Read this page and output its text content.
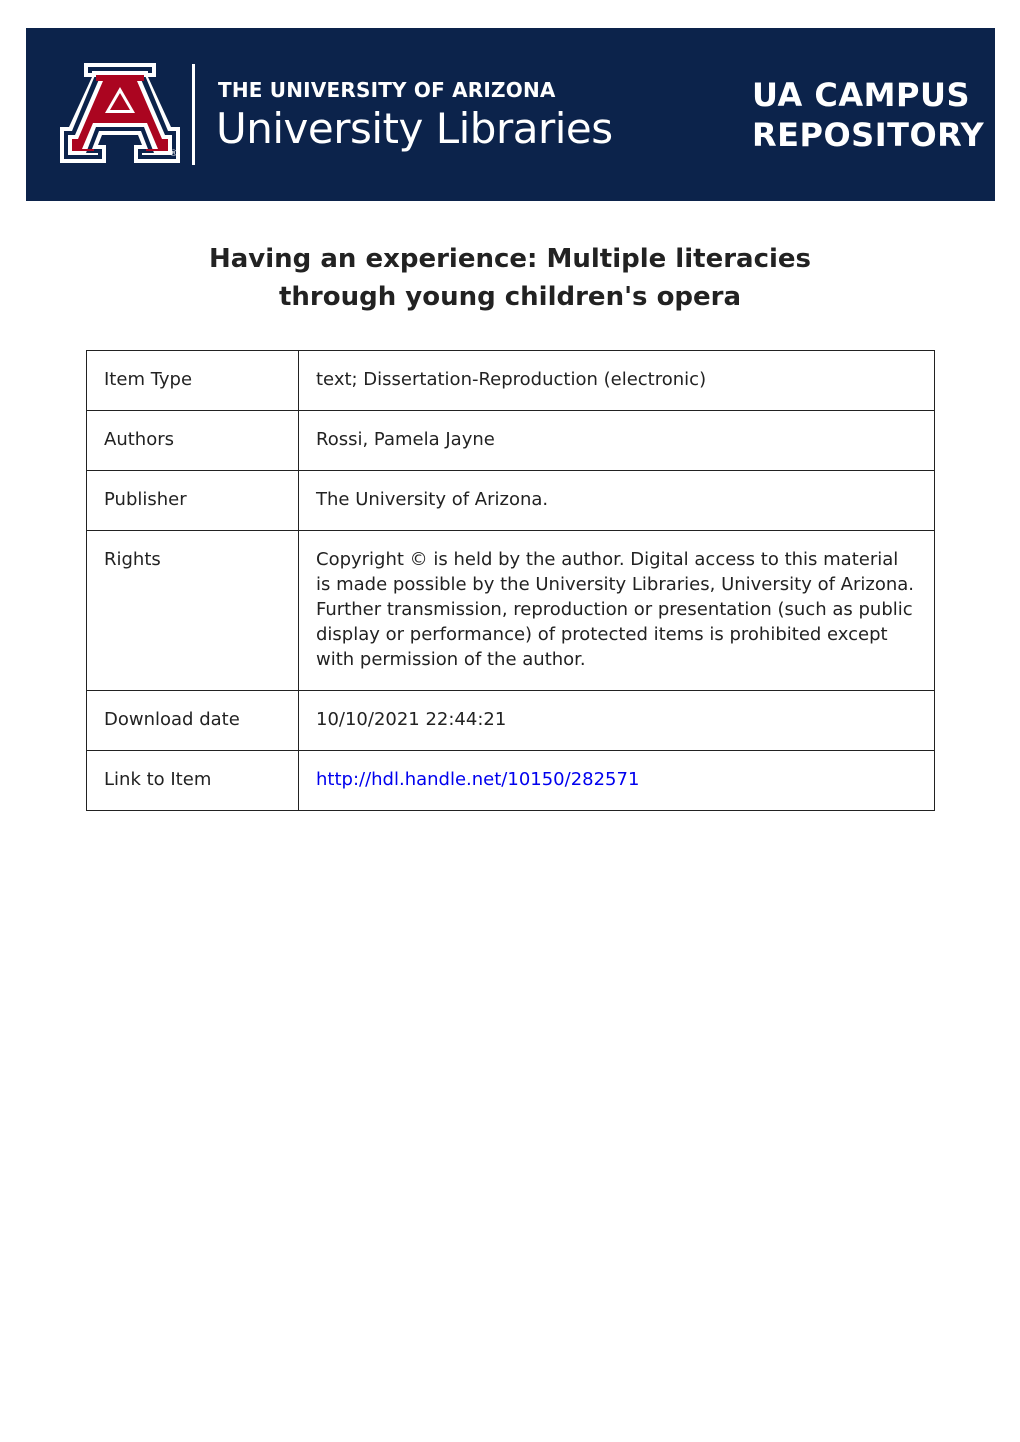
®
THE UNIVERSITY OF ARIZONA
University Libraries
UA CAMPUS
REPOSITORY
Having an experience: Multiple literacies
through young children's opera
Item Type	text; Dissertation-Reproduction (electronic)
Authors	Rossi, Pamela Jayne
Publisher	The University of Arizona.
Rights	Copyright © is held by the author. Digital access to this material is made possible by the University Libraries, University of Arizona. Further transmission, reproduction or presentation (such as public display or performance) of protected items is prohibited except with permission of the author.
Download date	10/10/2021 22:44:21
Link to Item	http://hdl.handle.net/10150/282571
